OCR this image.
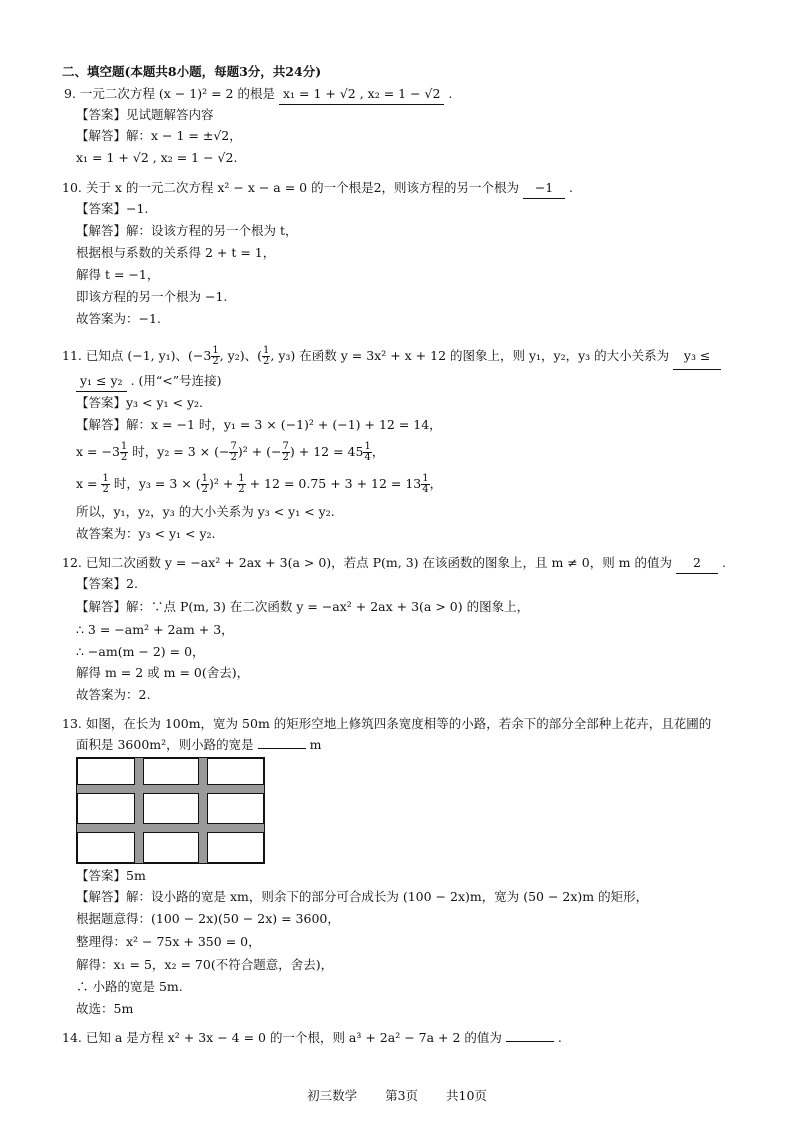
二、填空题(本题共8小题，每题3分，共24分)
9. 一元二次方程 (x − 1)² = 2 的根是 x₁ = 1 + √2 , x₂ = 1 − √2 .
【答案】见试题解答内容
【解答】解：x − 1 = ±√2，
x₁ = 1 + √2 , x₂ = 1 − √2.
10. 关于 x 的一元二次方程 x² − x − a = 0 的一个根是2，则该方程的另一个根为 −1 .
【答案】−1.
【解答】解：设该方程的另一个根为 t，
根据根与系数的关系得 2 + t = 1，
解得 t = −1，
即该方程的另一个根为 −1.
故答案为：−1.
11. 已知点 (−1, y₁)、($-3 \frac{1}{2}$ , y₂)、( $\frac{1}{2}$ , y₃) 在函数 y = 3x² + x + 12 的图象上，则 y₁，y₂，y₃ 的大小关系为 y₃ ≤
y₁ ≤ y₂ . (用“<”号连接)
【答案】y₃ < y₁ < y₂.
【解答】解：x = −1 时，y₁ = 3 × (−1)² + (−1) + 12 = 14，
$x = -3 \frac{1}{2}$ 时，y₂ = 3 × (− $\frac{7}{2} )^2$ + (− $\frac{7}{2}$ ) + $12 = 45 \frac{1}{4}$ ，
$x = \frac{1}{2}$ 时，y₃ = 3 × ( $\frac{1}{2} )^2 + \frac{1}{2} + 12 = 0.75 + 3 + 12 = 13 \frac{1}{4}$ ，
所以，y₁，y₂，y₃ 的大小关系为 y₃ < y₁ < y₂.
故答案为：y₃ < y₁ < y₂.
12. 已知二次函数 y = −ax² + 2ax + 3(a > 0)，若点 P(m, 3) 在该函数的图象上，且 m ≠ 0，则 m 的值为 2 .
【答案】2.
【解答】解：∵点 P(m, 3) 在二次函数 y = −ax² + 2ax + 3(a > 0) 的图象上，
∴ 3 = −am² + 2am + 3，
∴ −am(m − 2) = 0，
解得 m = 2 或 m = 0(舍去)，
故答案为：2.
13. 如图，在长为 100m，宽为 50m 的矩形空地上修筑四条宽度相等的小路，若余下的部分全部种上花卉，且花圃的
面积是 3600m²，则小路的宽是	m
【答案】5m
【解答】解：设小路的宽是 xm，则余下的部分可合成长为 (100 − 2x)m，宽为 (50 − 2x)m 的矩形，
根据题意得：(100 − 2x)(50 − 2x) = 3600，
整理得：x² − 75x + 350 = 0，
解得：x₁ = 5，x₂ = 70(不符合题意，舍去)，
∴ 小路的宽是 5m.
故选：5m
14. 已知 a 是方程 x² + 3x − 4 = 0 的一个根，则 a³ + 2a² − 7a + 2 的值为	.
初三数学 第3页 共10页
